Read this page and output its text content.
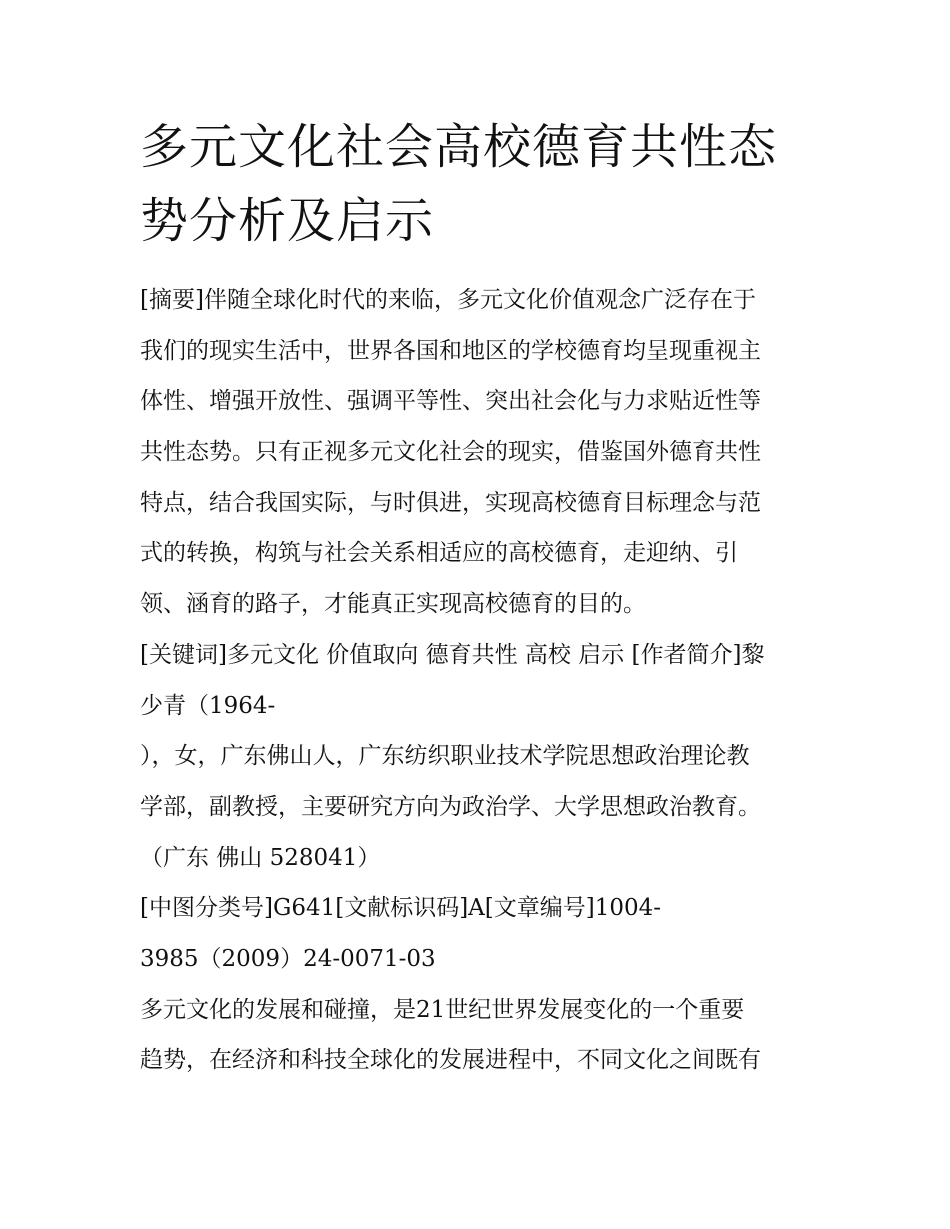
多元文化社会高校德育共性态
势分析及启示
[摘要]伴随全球化时代的来临，多元文化价值观念广泛存在于
我们的现实生活中，世界各国和地区的学校德育均呈现重视主
体性、增强开放性、强调平等性、突出社会化与力求贴近性等
共性态势。只有正视多元文化社会的现实，借鉴国外德育共性
特点，结合我国实际，与时俱进，实现高校德育目标理念与范
式的转换，构筑与社会关系相适应的高校德育，走迎纳、引
领、涵育的路子，才能真正实现高校德育的目的。
[关键词]多元文化 价值取向 德育共性 高校 启示 [作者简介]黎
少青（1964-
），女，广东佛山人，广东纺织职业技术学院思想政治理论教
学部，副教授，主要研究方向为政治学、大学思想政治教育。
（广东 佛山 528041）
[中图分类号]G641[文献标识码]A[文章编号]1004-
3985（2009）24-0071-03
多元文化的发展和碰撞，是21世纪世界发展变化的一个重要
趋势，在经济和科技全球化的发展进程中，不同文化之间既有
